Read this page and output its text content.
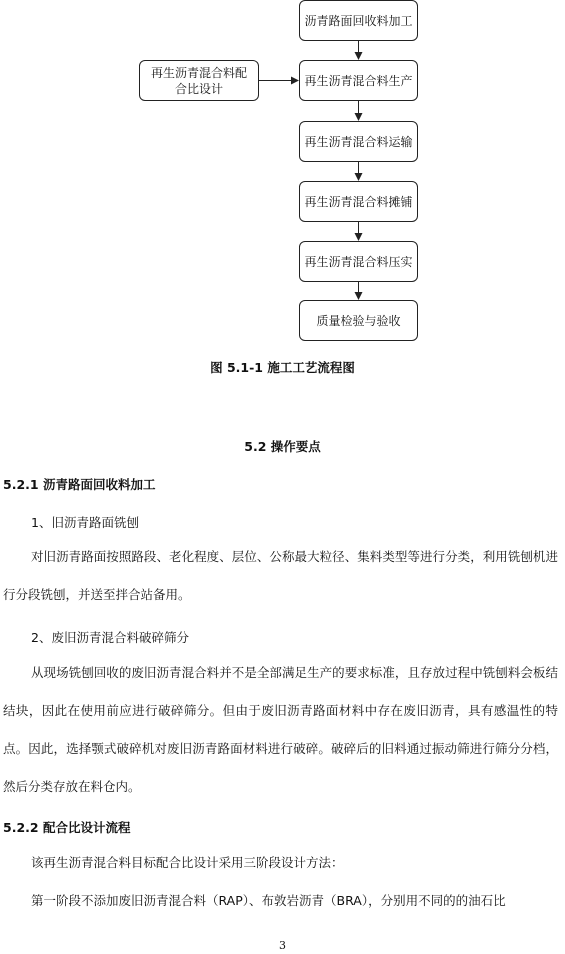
沥青路面回收料加工
再生沥青混合料生产
再生沥青混合料运输
再生沥青混合料摊铺
再生沥青混合料压实
质量检验与验收
再生沥青混合料配合比设计
图 5.1-1 施工工艺流程图
5.2 操作要点
5.2.1 沥青路面回收料加工
1、旧沥青路面铣刨

对旧沥青路面按照路段、老化程度、层位、公称最大粒径、集料类型等进行分类，利用铣刨机进行分段铣刨，并送至拌合站备用。

2、废旧沥青混合料破碎筛分

从现场铣刨回收的废旧沥青混合料并不是全部满足生产的要求标准，且存放过程中铣刨料会板结结块，因此在使用前应进行破碎筛分。但由于废旧沥青路面材料中存在废旧沥青，具有感温性的特点。因此，选择颚式破碎机对废旧沥青路面材料进行破碎。破碎后的旧料通过振动筛进行筛分分档，然后分类存放在料仓内。

5.2.2 配合比设计流程

该再生沥青混合料目标配合比设计采用三阶段设计方法：

第一阶段不添加废旧沥青混合料（RAP）、布敦岩沥青（BRA），分别用不同的的油石比

3
